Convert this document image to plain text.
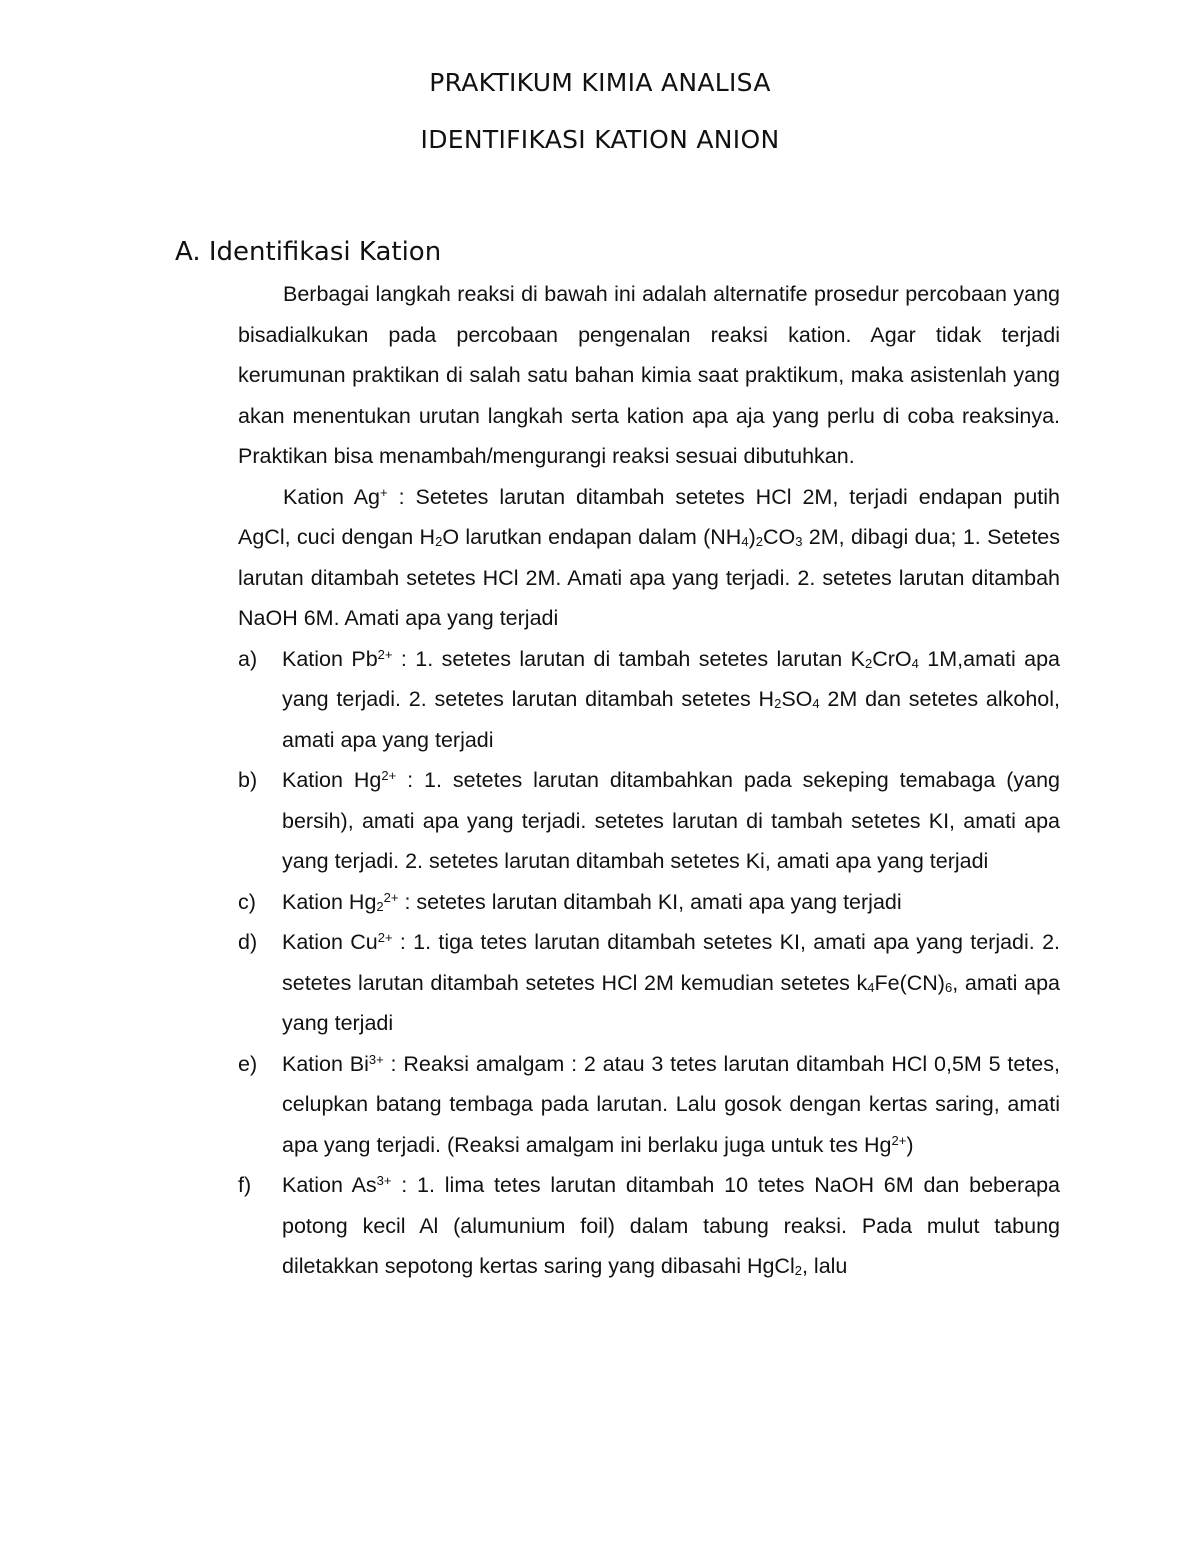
PRAKTIKUM KIMIA ANALISA
IDENTIFIKASI KATION ANION
A. Identifikasi Kation

Berbagai langkah reaksi di bawah ini adalah alternatife prosedur percobaan yang bisadialkukan pada percobaan pengenalan reaksi kation. Agar tidak terjadi kerumunan praktikan di salah satu bahan kimia saat praktikum, maka asistenlah yang akan menentukan urutan langkah serta kation apa aja yang perlu di coba reaksinya. Praktikan bisa menambah/mengurangi reaksi sesuai dibutuhkan.

Kation Ag+ : Setetes larutan ditambah setetes HCl 2M, terjadi endapan putih AgCl, cuci dengan $H_2O$ larutkan endapan dalam $(NH_4)_2CO_3$ 2M, dibagi dua; 1. Setetes larutan ditambah setetes HCl 2M. Amati apa yang terjadi. 2. setetes larutan ditambah NaOH 6M. Amati apa yang terjadi

a) Kation $Pb^{2+}$ : 1. setetes larutan di tambah setetes larutan $K_2CrO_4$ 1M,amati apa yang terjadi. 2. setetes larutan ditambah setetes $H_2SO_4$ 2M dan setetes alkohol, amati apa yang terjadi
b) Kation $Hg^{2+}$ : 1. setetes larutan ditambahkan pada sekeping temabaga (yang bersih), amati apa yang terjadi. setetes larutan di tambah setetes KI, amati apa yang terjadi. 2. setetes larutan ditambah setetes Ki, amati apa yang terjadi
c) Kation $Hg_2^{2+}$ : setetes larutan ditambah KI, amati apa yang terjadi
d) Kation $Cu^{2+}$ : 1. tiga tetes larutan ditambah setetes KI, amati apa yang terjadi. 2. setetes larutan ditambah setetes HCl 2M kemudian setetes $k_4Fe(CN)_6$, amati apa yang terjadi
e) Kation $Bi^{3+}$ : Reaksi amalgam : 2 atau 3 tetes larutan ditambah HCl 0,5M 5 tetes, celupkan batang tembaga pada larutan. Lalu gosok dengan kertas saring, amati apa yang terjadi. (Reaksi amalgam ini berlaku juga untuk tes $Hg^{2+}$)
f) Kation $As^{3+}$ : 1. lima tetes larutan ditambah 10 tetes NaOH 6M dan beberapa potong kecil Al (alumunium foil) dalam tabung reaksi. Pada mulut tabung diletakkan sepotong kertas saring yang dibasahi HgCl$_2$, lalu
